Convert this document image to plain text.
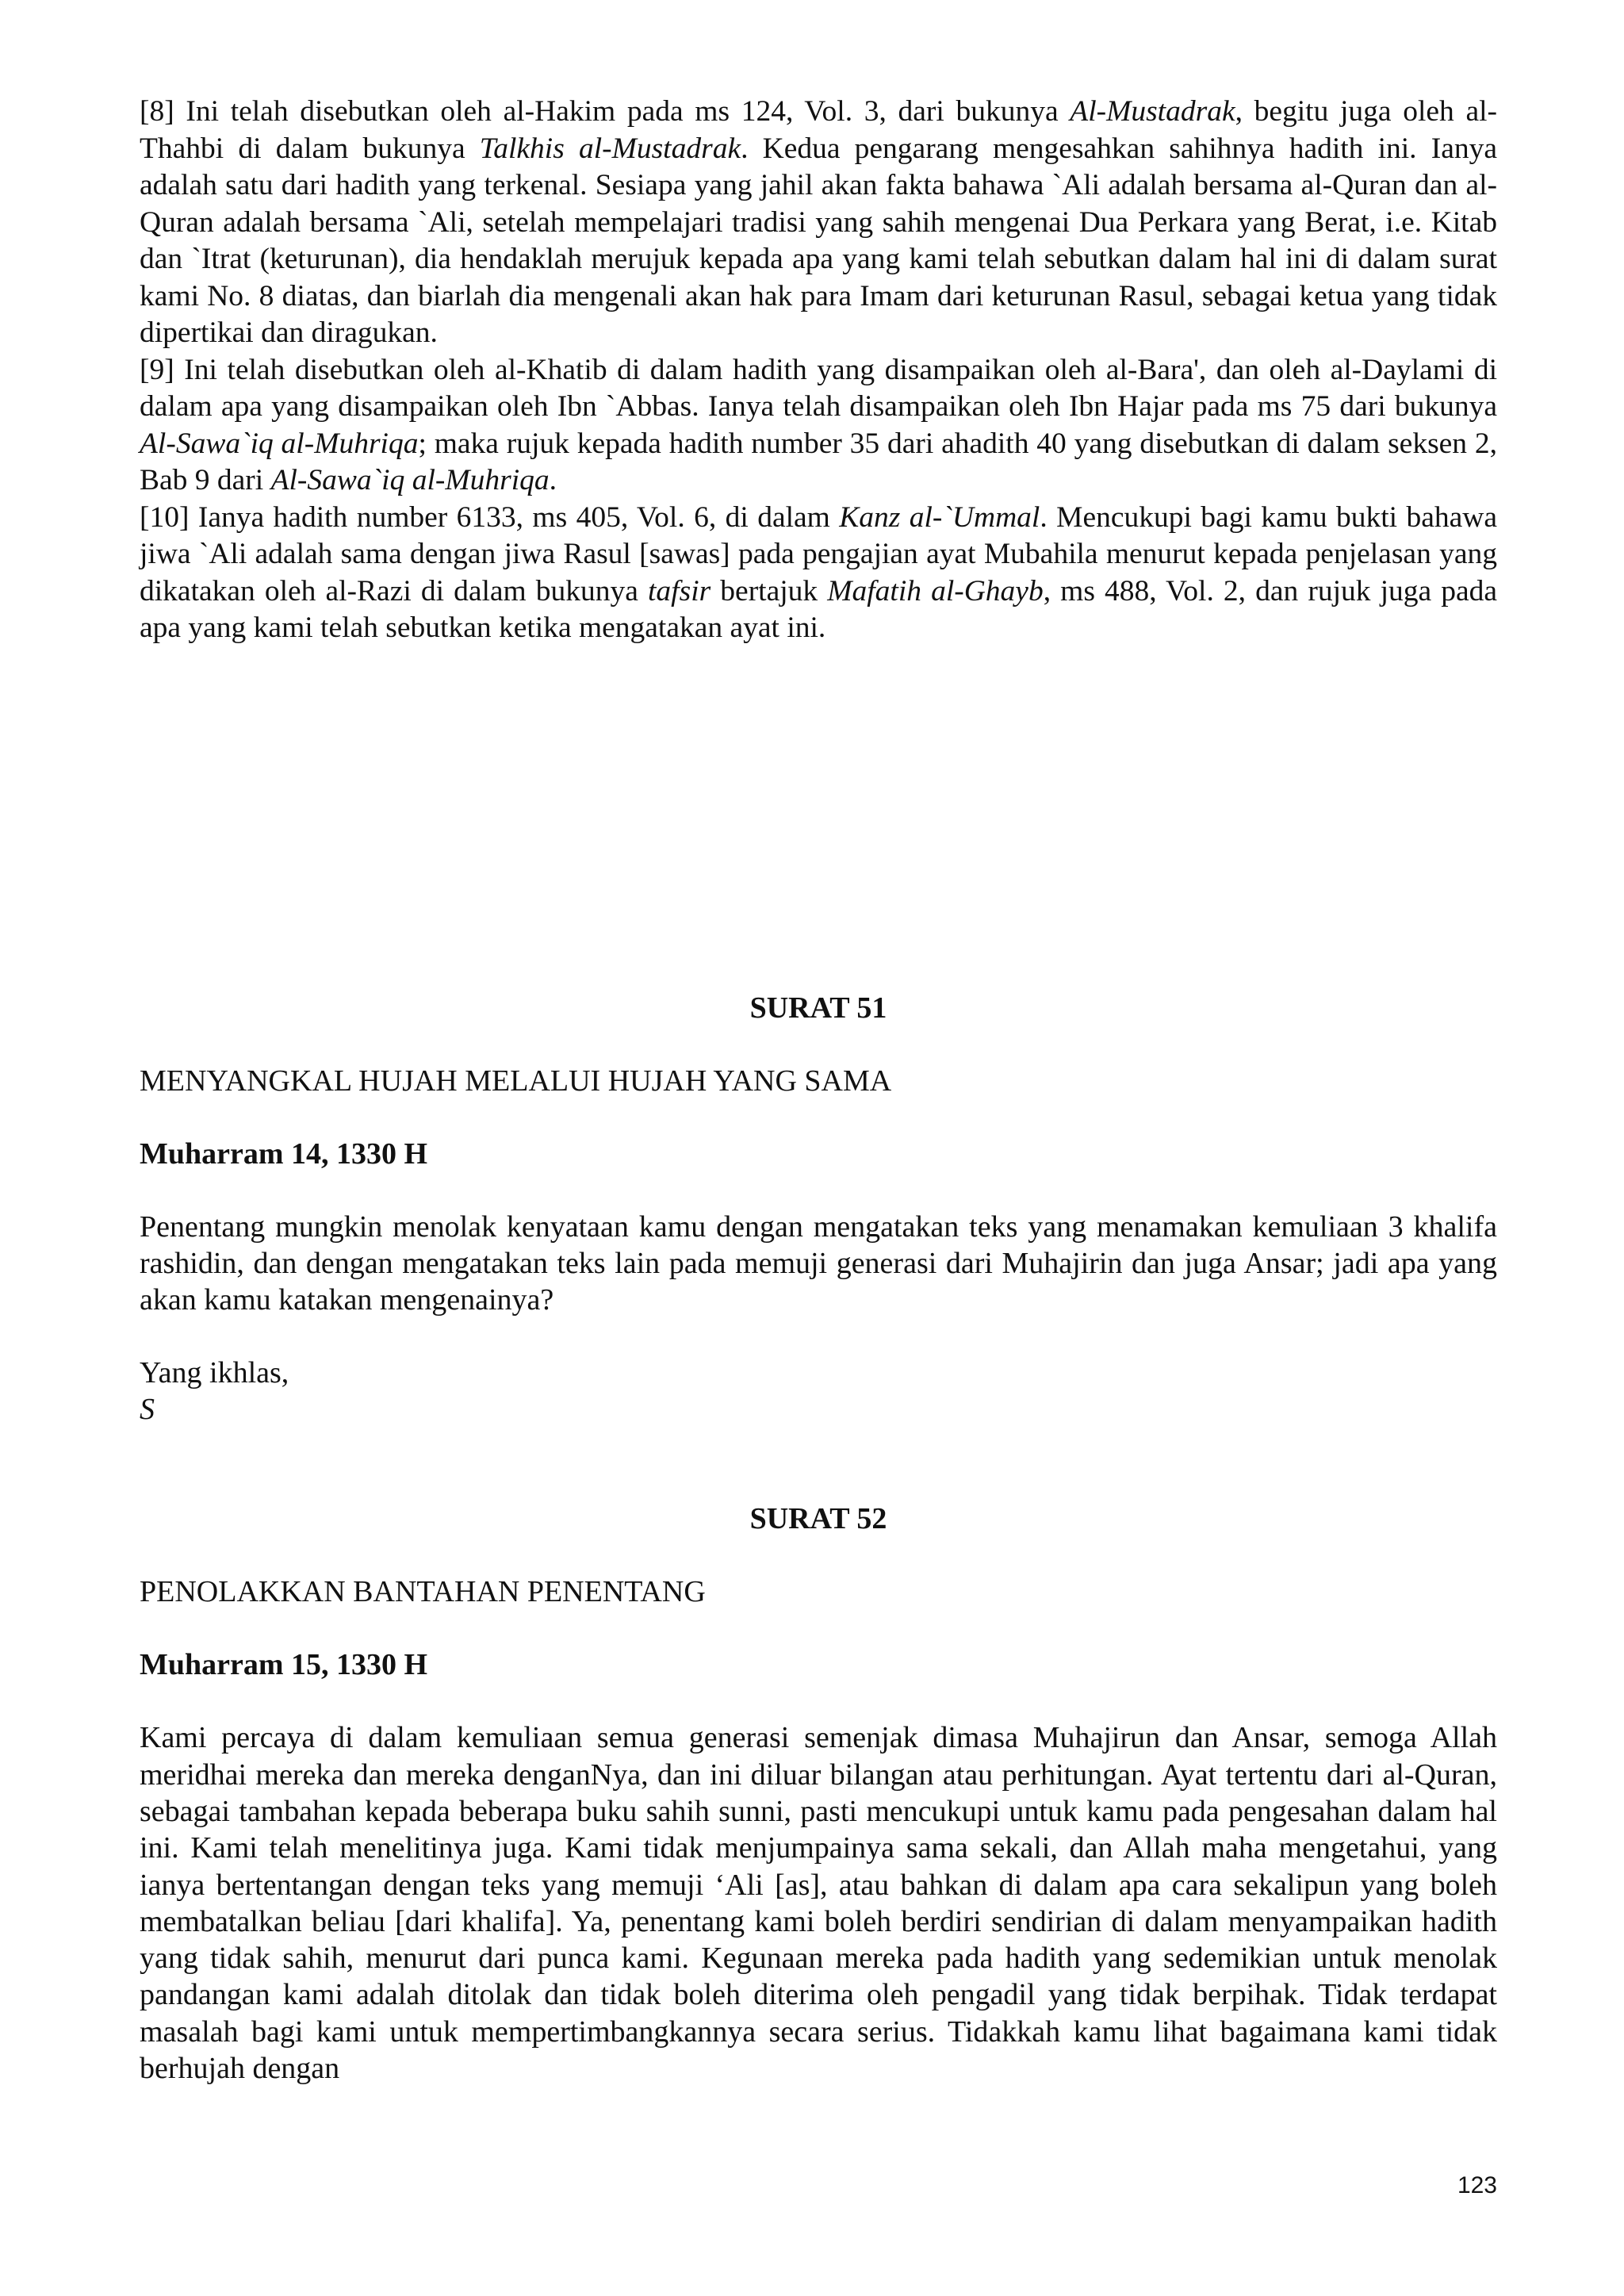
[8] Ini telah disebutkan oleh al-Hakim pada ms 124, Vol. 3, dari bukunya Al-Mustadrak, begitu juga oleh al-Thahbi di dalam bukunya Talkhis al-Mustadrak. Kedua pengarang mengesahkan sahihnya hadith ini. Ianya adalah satu dari hadith yang terkenal. Sesiapa yang jahil akan fakta bahawa `Ali adalah bersama al-Quran dan al-Quran adalah bersama `Ali, setelah mempelajari tradisi yang sahih mengenai Dua Perkara yang Berat, i.e. Kitab dan `Itrat (keturunan), dia hendaklah merujuk kepada apa yang kami telah sebutkan dalam hal ini di dalam surat kami No. 8 diatas, dan biarlah dia mengenali akan hak para Imam dari keturunan Rasul, sebagai ketua yang tidak dipertikai dan diragukan.

[9] Ini telah disebutkan oleh al-Khatib di dalam hadith yang disampaikan oleh al-Bara', dan oleh al-Daylami di dalam apa yang disampaikan oleh Ibn `Abbas. Ianya telah disampaikan oleh Ibn Hajar pada ms 75 dari bukunya Al-Sawa`iq al-Muhriqa; maka rujuk kepada hadith number 35 dari ahadith 40 yang disebutkan di dalam seksen 2, Bab 9 dari Al-Sawa`iq al-Muhriqa.

[10] Ianya hadith number 6133, ms 405, Vol. 6, di dalam Kanz al-`Ummal. Mencukupi bagi kamu bukti bahawa jiwa `Ali adalah sama dengan jiwa Rasul [sawas] pada pengajian ayat Mubahila menurut kepada penjelasan yang dikatakan oleh al-Razi di dalam bukunya tafsir bertajuk Mafatih al-Ghayb, ms 488, Vol. 2, dan rujuk juga pada apa yang kami telah sebutkan ketika mengatakan ayat ini.

SURAT 51

MENYANGKAL HUJAH MELALUI HUJAH YANG SAMA

Muharram 14, 1330 H

Penentang mungkin menolak kenyataan kamu dengan mengatakan teks yang menamakan kemuliaan 3 khalifa rashidin, dan dengan mengatakan teks lain pada memuji generasi dari Muhajirin dan juga Ansar; jadi apa yang akan kamu katakan mengenainya?

Yang ikhlas,

S

SURAT 52

PENOLAKKAN BANTAHAN PENENTANG

Muharram 15, 1330 H

Kami percaya di dalam kemuliaan semua generasi semenjak dimasa Muhajirun dan Ansar, semoga Allah meridhai mereka dan mereka denganNya, dan ini diluar bilangan atau perhitungan. Ayat tertentu dari al-Quran, sebagai tambahan kepada beberapa buku sahih sunni, pasti mencukupi untuk kamu pada pengesahan dalam hal ini. Kami telah menelitinya juga. Kami tidak menjumpainya sama sekali, dan Allah maha mengetahui, yang ianya bertentangan dengan teks yang memuji ‘Ali [as], atau bahkan di dalam apa cara sekalipun yang boleh membatalkan beliau [dari khalifa]. Ya, penentang kami boleh berdiri sendirian di dalam menyampaikan hadith yang tidak sahih, menurut dari punca kami. Kegunaan mereka pada hadith yang sedemikian untuk menolak pandangan kami adalah ditolak dan tidak boleh diterima oleh pengadil yang tidak berpihak. Tidak terdapat masalah bagi kami untuk mempertimbangkannya secara serius. Tidakkah kamu lihat bagaimana kami tidak berhujah dengan

123
